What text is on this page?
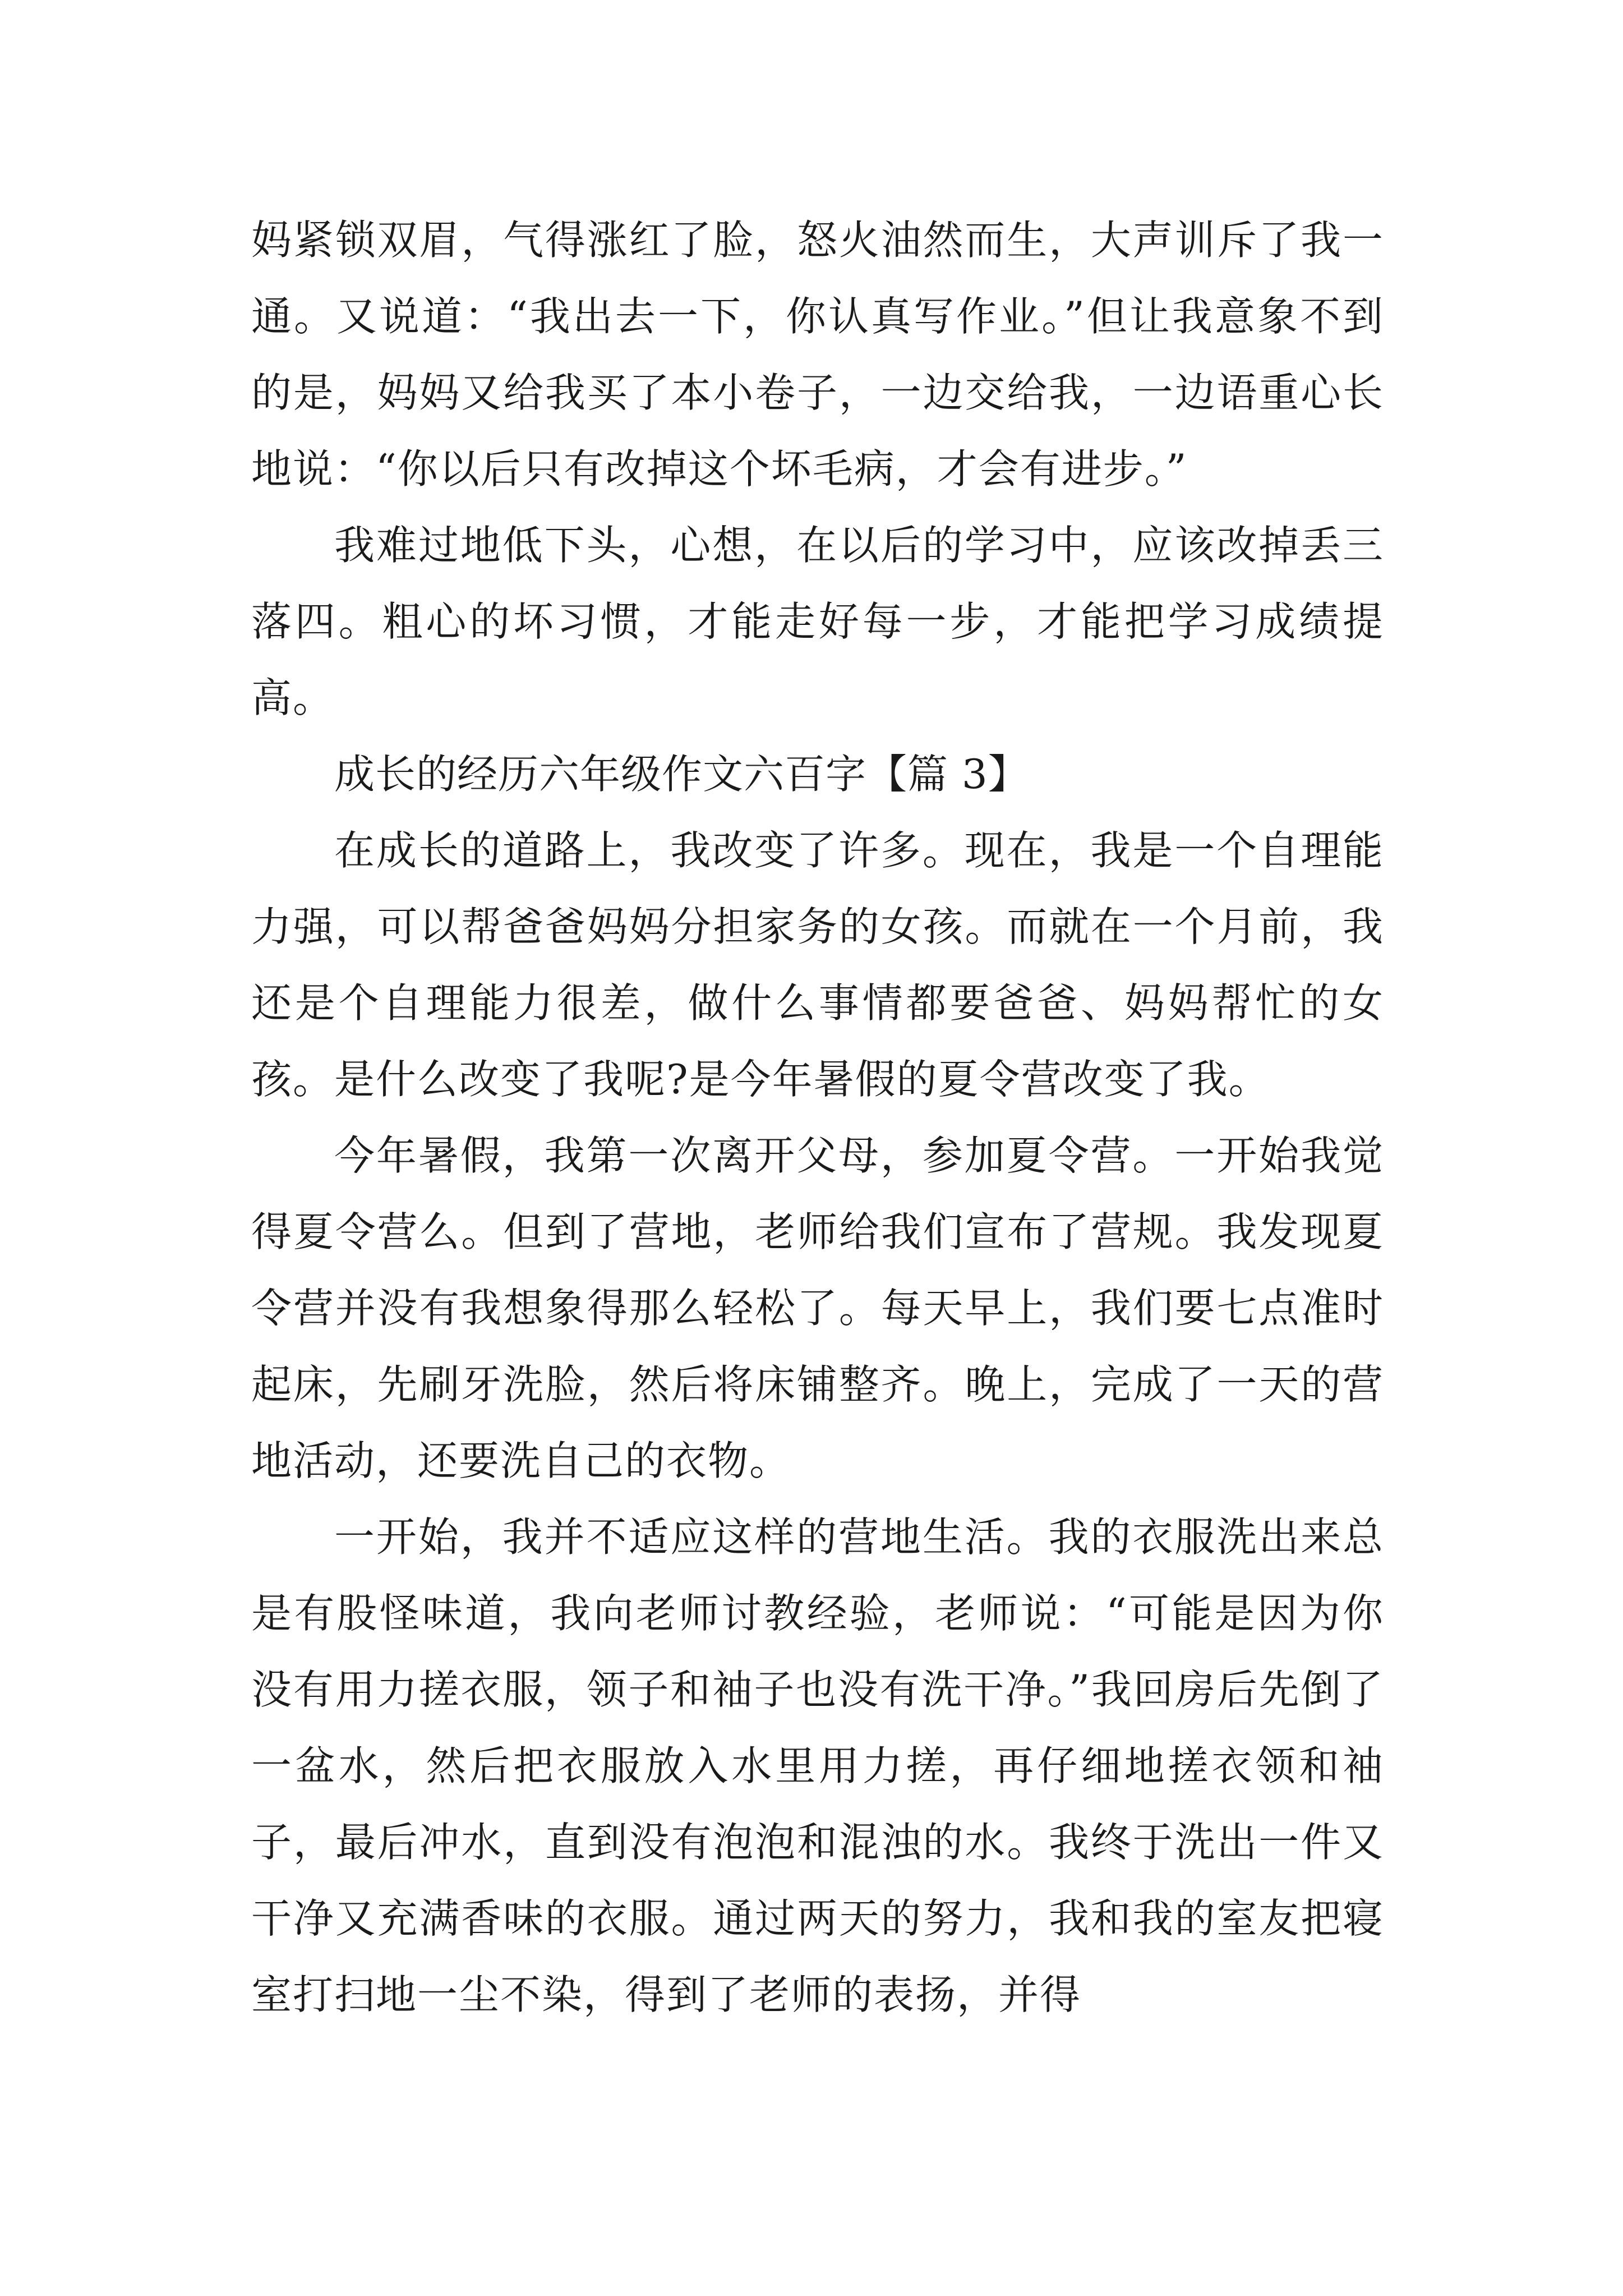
妈紧锁双眉，气得涨红了脸，怒火油然而生，大声训斥了我一通。又说道：“我出去一下，你认真写作业。”但让我意象不到的是，妈妈又给我买了本小卷子，一边交给我，一边语重心长地说：“你以后只有改掉这个坏毛病，才会有进步。”

我难过地低下头，心想，在以后的学习中，应该改掉丢三落四。粗心的坏习惯，才能走好每一步，才能把学习成绩提高。

成长的经历六年级作文六百字【篇 3】

在成长的道路上，我改变了许多。现在，我是一个自理能力强，可以帮爸爸妈妈分担家务的女孩。而就在一个月前，我还是个自理能力很差，做什么事情都要爸爸、妈妈帮忙的女孩。是什么改变了我呢?是今年暑假的夏令营改变了我。

今年暑假，我第一次离开父母，参加夏令营。一开始我觉得夏令营么。但到了营地，老师给我们宣布了营规。我发现夏令营并没有我想象得那么轻松了。每天早上，我们要七点准时起床，先刷牙洗脸，然后将床铺整齐。晚上，完成了一天的营地活动，还要洗自己的衣物。

一开始，我并不适应这样的营地生活。我的衣服洗出来总是有股怪味道，我向老师讨教经验，老师说：“可能是因为你没有用力搓衣服，领子和袖子也没有洗干净。”我回房后先倒了一盆水，然后把衣服放入水里用力搓，再仔细地搓衣领和袖子，最后冲水，直到没有泡泡和混浊的水。我终于洗出一件又干净又充满香味的衣服。通过两天的努力，我和我的室友把寝室打扫地一尘不染，得到了老师的表扬，并得
